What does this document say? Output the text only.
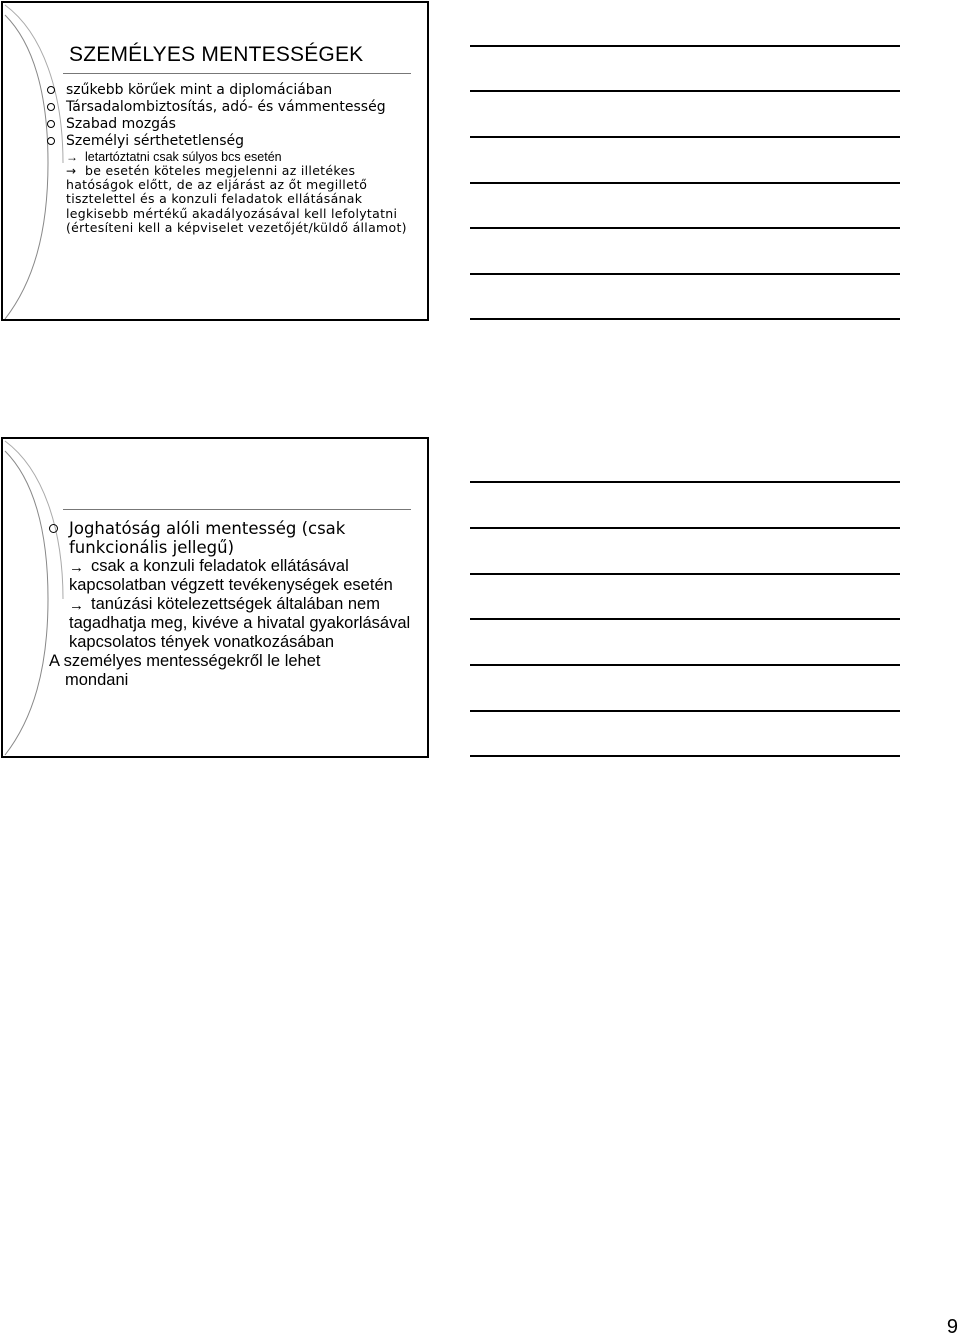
SZEMÉLYES MENTESSÉGEK
szűkebb körűek mint a diplomáciában
Társadalombiztosítás, adó- és vámmentesség
Szabad mozgás
Személyi sérthetetlenség
→ letartóztatni csak súlyos bcs esetén
→ be esetén köteles megjelenni az illetékes
hatóságok előtt, de az eljárást az őt megillető tisztelettel és a konzuli feladatok ellátásának legkisebb mértékű akadályozásával kell lefolytatni (értesíteni kell a képviselet vezetőjét/küldő államot)
Joghatóság alóli mentesség (csak funkcionális jellegű)
→ csak a konzuli feladatok ellátásával
kapcsolatban végzett tevékenységek esetén
→ tanúzási kötelezettségek általában nem
tagadhatja meg, kivéve a hivatal gyakorlásával kapcsolatos tények vonatkozásában
A személyes mentességekről le lehet
mondani
9
